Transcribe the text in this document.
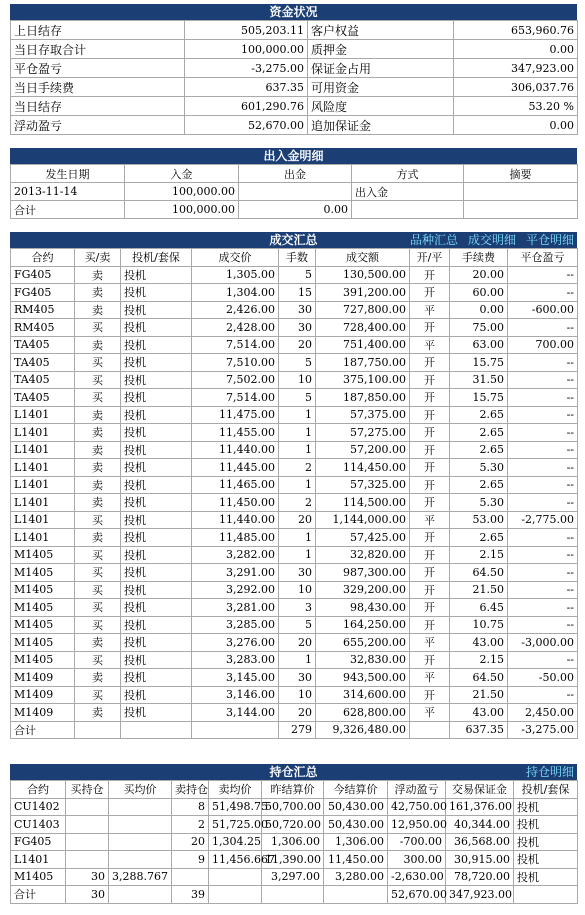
资金状况
上日结存	505,203.11	客户权益	653,960.76
当日存取合计	100,000.00	质押金	0.00
平仓盈亏	-3,275.00	保证金占用	347,923.00
当日手续费	637.35	可用资金	306,037.76
当日结存	601,290.76	风险度	53.20 %
浮动盈亏	52,670.00	追加保证金	0.00
出入金明细
发生日期	入金	出金	方式	摘要
2013-11-14	100,000.00		出入金	
合计	100,000.00	0.00		
成交汇总	品种汇总 成交明细 平仓明细
合约	买/卖	投机/套保	成交价	手数	成交额	开/平	手续费	平仓盈亏
FG405	卖	投机	1,305.00	5	130,500.00	开	20.00	--
FG405	卖	投机	1,304.00	15	391,200.00	开	60.00	--
RM405	卖	投机	2,426.00	30	727,800.00	平	0.00	-600.00
RM405	买	投机	2,428.00	30	728,400.00	开	75.00	--
TA405	卖	投机	7,514.00	20	751,400.00	平	63.00	700.00
TA405	买	投机	7,510.00	5	187,750.00	开	15.75	--
TA405	买	投机	7,502.00	10	375,100.00	开	31.50	--
TA405	买	投机	7,514.00	5	187,850.00	开	15.75	--
L1401	卖	投机	11,475.00	1	57,375.00	开	2.65	--
L1401	卖	投机	11,455.00	1	57,275.00	开	2.65	--
L1401	卖	投机	11,440.00	1	57,200.00	开	2.65	--
L1401	卖	投机	11,445.00	2	114,450.00	开	5.30	--
L1401	卖	投机	11,465.00	1	57,325.00	开	2.65	--
L1401	卖	投机	11,450.00	2	114,500.00	开	5.30	--
L1401	买	投机	11,440.00	20	1,144,000.00	平	53.00	-2,775.00
L1401	卖	投机	11,485.00	1	57,425.00	开	2.65	--
M1405	买	投机	3,282.00	1	32,820.00	开	2.15	--
M1405	买	投机	3,291.00	30	987,300.00	开	64.50	--
M1405	买	投机	3,292.00	10	329,200.00	开	21.50	--
M1405	买	投机	3,281.00	3	98,430.00	开	6.45	--
M1405	买	投机	3,285.00	5	164,250.00	开	10.75	--
M1405	卖	投机	3,276.00	20	655,200.00	平	43.00	-3,000.00
M1405	买	投机	3,283.00	1	32,830.00	开	2.15	--
M1409	卖	投机	3,145.00	30	943,500.00	平	64.50	-50.00
M1409	买	投机	3,146.00	10	314,600.00	开	21.50	--
M1409	卖	投机	3,144.00	20	628,800.00	平	43.00	2,450.00
合计				279	9,326,480.00		637.35	-3,275.00
持仓汇总	持仓明细
合约	买持仓	买均价	卖持仓	卖均价	昨结算价	今结算价	浮动盈亏	交易保证金	投机/套保
CU1402			8	51,498.75	50,700.00	50,430.00	42,750.00	161,376.00	投机
CU1403			2	51,725.00	50,720.00	50,430.00	12,950.00	40,344.00	投机
FG405			20	1,304.25	1,306.00	1,306.00	-700.00	36,568.00	投机
L1401			9	11,456.667	11,390.00	11,450.00	300.00	30,915.00	投机
M1405	30	3,288.767			3,297.00	3,280.00	-2,630.00	78,720.00	投机
合计	30		39				52,670.00	347,923.00	
